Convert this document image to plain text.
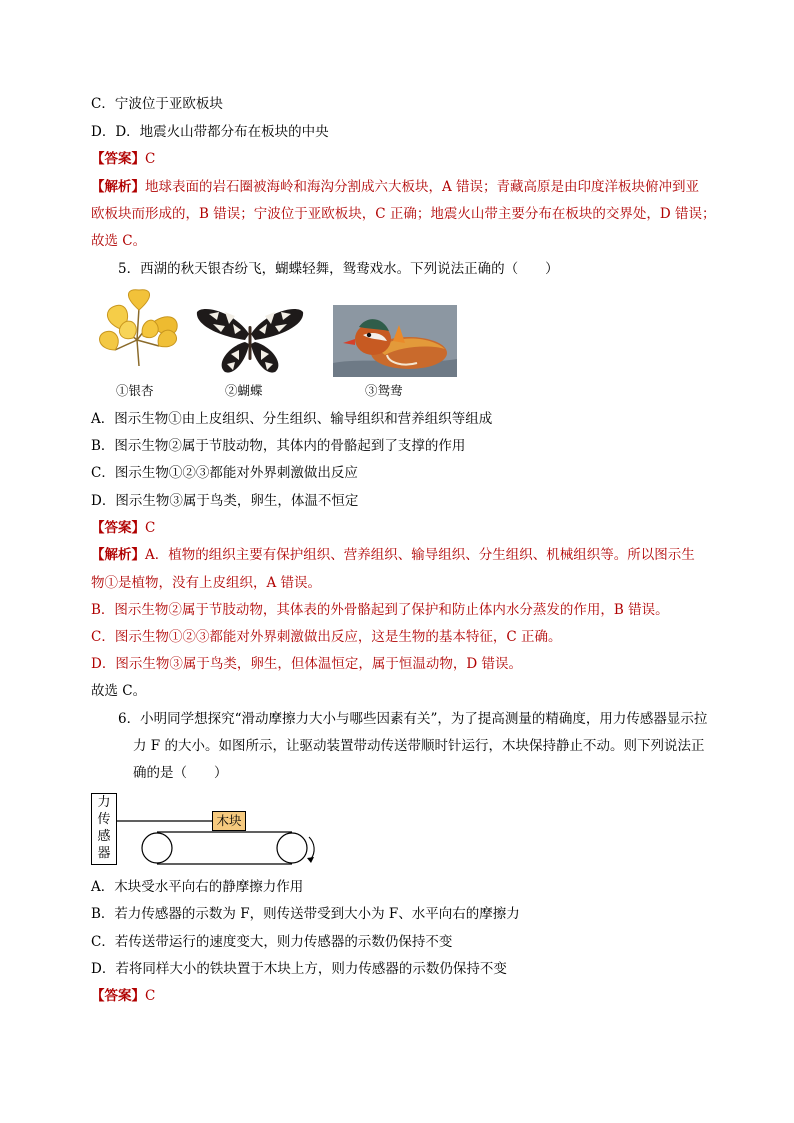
C．宁波位于亚欧板块
D．D．地震火山带都分布在板块的中央
【答案】C
【解析】地球表面的岩石圈被海岭和海沟分割成六大板块，A 错误；青藏高原是由印度洋板块俯冲到亚
欧板块而形成的，B 错误；宁波位于亚欧板块，C 正确；地震火山带主要分布在板块的交界处，D 错误；
故选 C。
5．西湖的秋天银杏纷飞，蝴蝶轻舞，鸳鸯戏水。下列说法正确的（　　）
①银杏	②蝴蝶	③鸳鸯
A．图示生物①由上皮组织、分生组织、输导组织和营养组织等组成
B．图示生物②属于节肢动物，其体内的骨骼起到了支撑的作用
C．图示生物①②③都能对外界刺激做出反应
D．图示生物③属于鸟类，卵生，体温不恒定
【答案】C
【解析】A．植物的组织主要有保护组织、营养组织、输导组织、分生组织、机械组织等。所以图示生
物①是植物，没有上皮组织，A 错误。
B．图示生物②属于节肢动物，其体表的外骨骼起到了保护和防止体内水分蒸发的作用，B 错误。
C．图示生物①②③都能对外界刺激做出反应，这是生物的基本特征，C 正确。
D．图示生物③属于鸟类，卵生，但体温恒定，属于恒温动物，D 错误。
故选 C。
6．小明同学想探究“滑动摩擦力大小与哪些因素有关”，为了提高测量的精确度，用力传感器显示拉
力 F 的大小。如图所示，让驱动装置带动传送带顺时针运行，木块保持静止不动。则下列说法正
确的是（　　）
力
传
感
器
木块
A．木块受水平向右的静摩擦力作用
B．若力传感器的示数为 F，则传送带受到大小为 F、水平向右的摩擦力
C．若传送带运行的速度变大，则力传感器的示数仍保持不变
D．若将同样大小的铁块置于木块上方，则力传感器的示数仍保持不变
【答案】C
